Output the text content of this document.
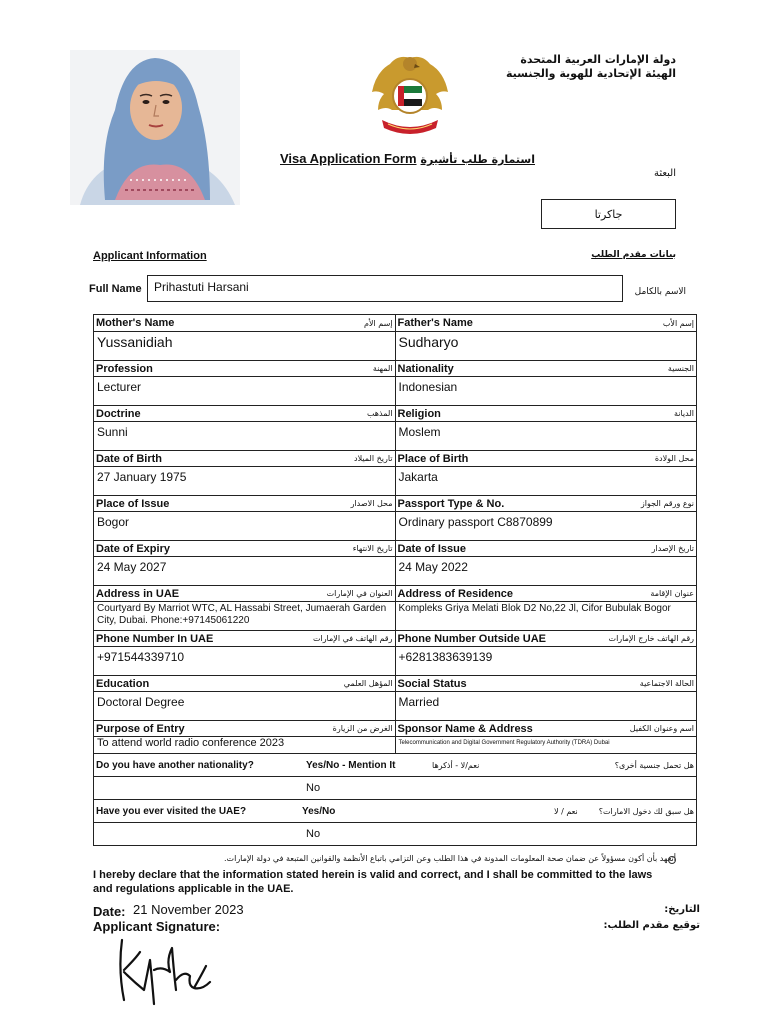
دولة الإمارات العربية المتحدة
الهيئة الإتحادية للهوية والجنسية
Visa Application Form استمارة طلب تأشيرة
البعثة
جاكرتا
Applicant Information	بيانات مقدم الطلب
Full Name	Prihastuti Harsani	الاسم بالكامل
Mother's Name	إسم الأم
Yussanidiah
Father's Name	إسم الأب
Sudharyo
Profession	المهنة
Lecturer
Nationality	الجنسية
Indonesian
Doctrine	المذهب
Sunni
Religion	الديانة
Moslem
Date of Birth	تاريخ الميلاد
27 January 1975
Place of Birth	محل الولادة
Jakarta
Place of Issue	محل الاصدار
Bogor
Passport Type & No.	نوع ورقم الجواز
Ordinary passport C8870899
Date of Expiry	تاريخ الانتهاء
24 May 2027
Date of Issue	تاريخ الإصدار
24 May 2022
Address in UAE	العنوان في الإمارات
Courtyard By Marriot WTC, AL Hassabi Street, Jumaerah Garden City, Dubai. Phone:+97145061220
Address of Residence	عنوان الإقامة
Kompleks Griya Melati Blok D2 No,22 Jl, Cifor Bubulak Bogor
Phone Number In UAE	رقم الهاتف في الإمارات
+971544339710
Phone Number Outside UAE	رقم الهاتف خارج الإمارات
+6281383639139
Education	المؤهل العلمي
Doctoral Degree
Social Status	الحالة الاجتماعية
Married
Purpose of Entry	الغرض من الزيارة
To attend world radio conference 2023
Sponsor Name & Address	اسم وعنوان الكفيل
Telecommunication and Digital Government Regulatory Authority (TDRA) Dubai
Do you have another nationality?	Yes/No - Mention It	نعم/لا - أذكرها	هل تحمل جنسية أخرى؟
No
Have you ever visited the UAE?	Yes/No	نعم / لا	هل سبق لك دخول الامارات؟
No
أتعهد بأن أكون مسؤولاً عن ضمان صحة المعلومات المدونة في هذا الطلب وعن التزامي باتباع الأنظمة والقوانين المتبعة في دولة الإمارات.
I hereby declare that the information stated herein is valid and correct, and I shall be committed to the laws and regulations applicable in the UAE.
Date: 21 November 2023
Applicant Signature:
التاريخ:
توقيع مقدم الطلب:
